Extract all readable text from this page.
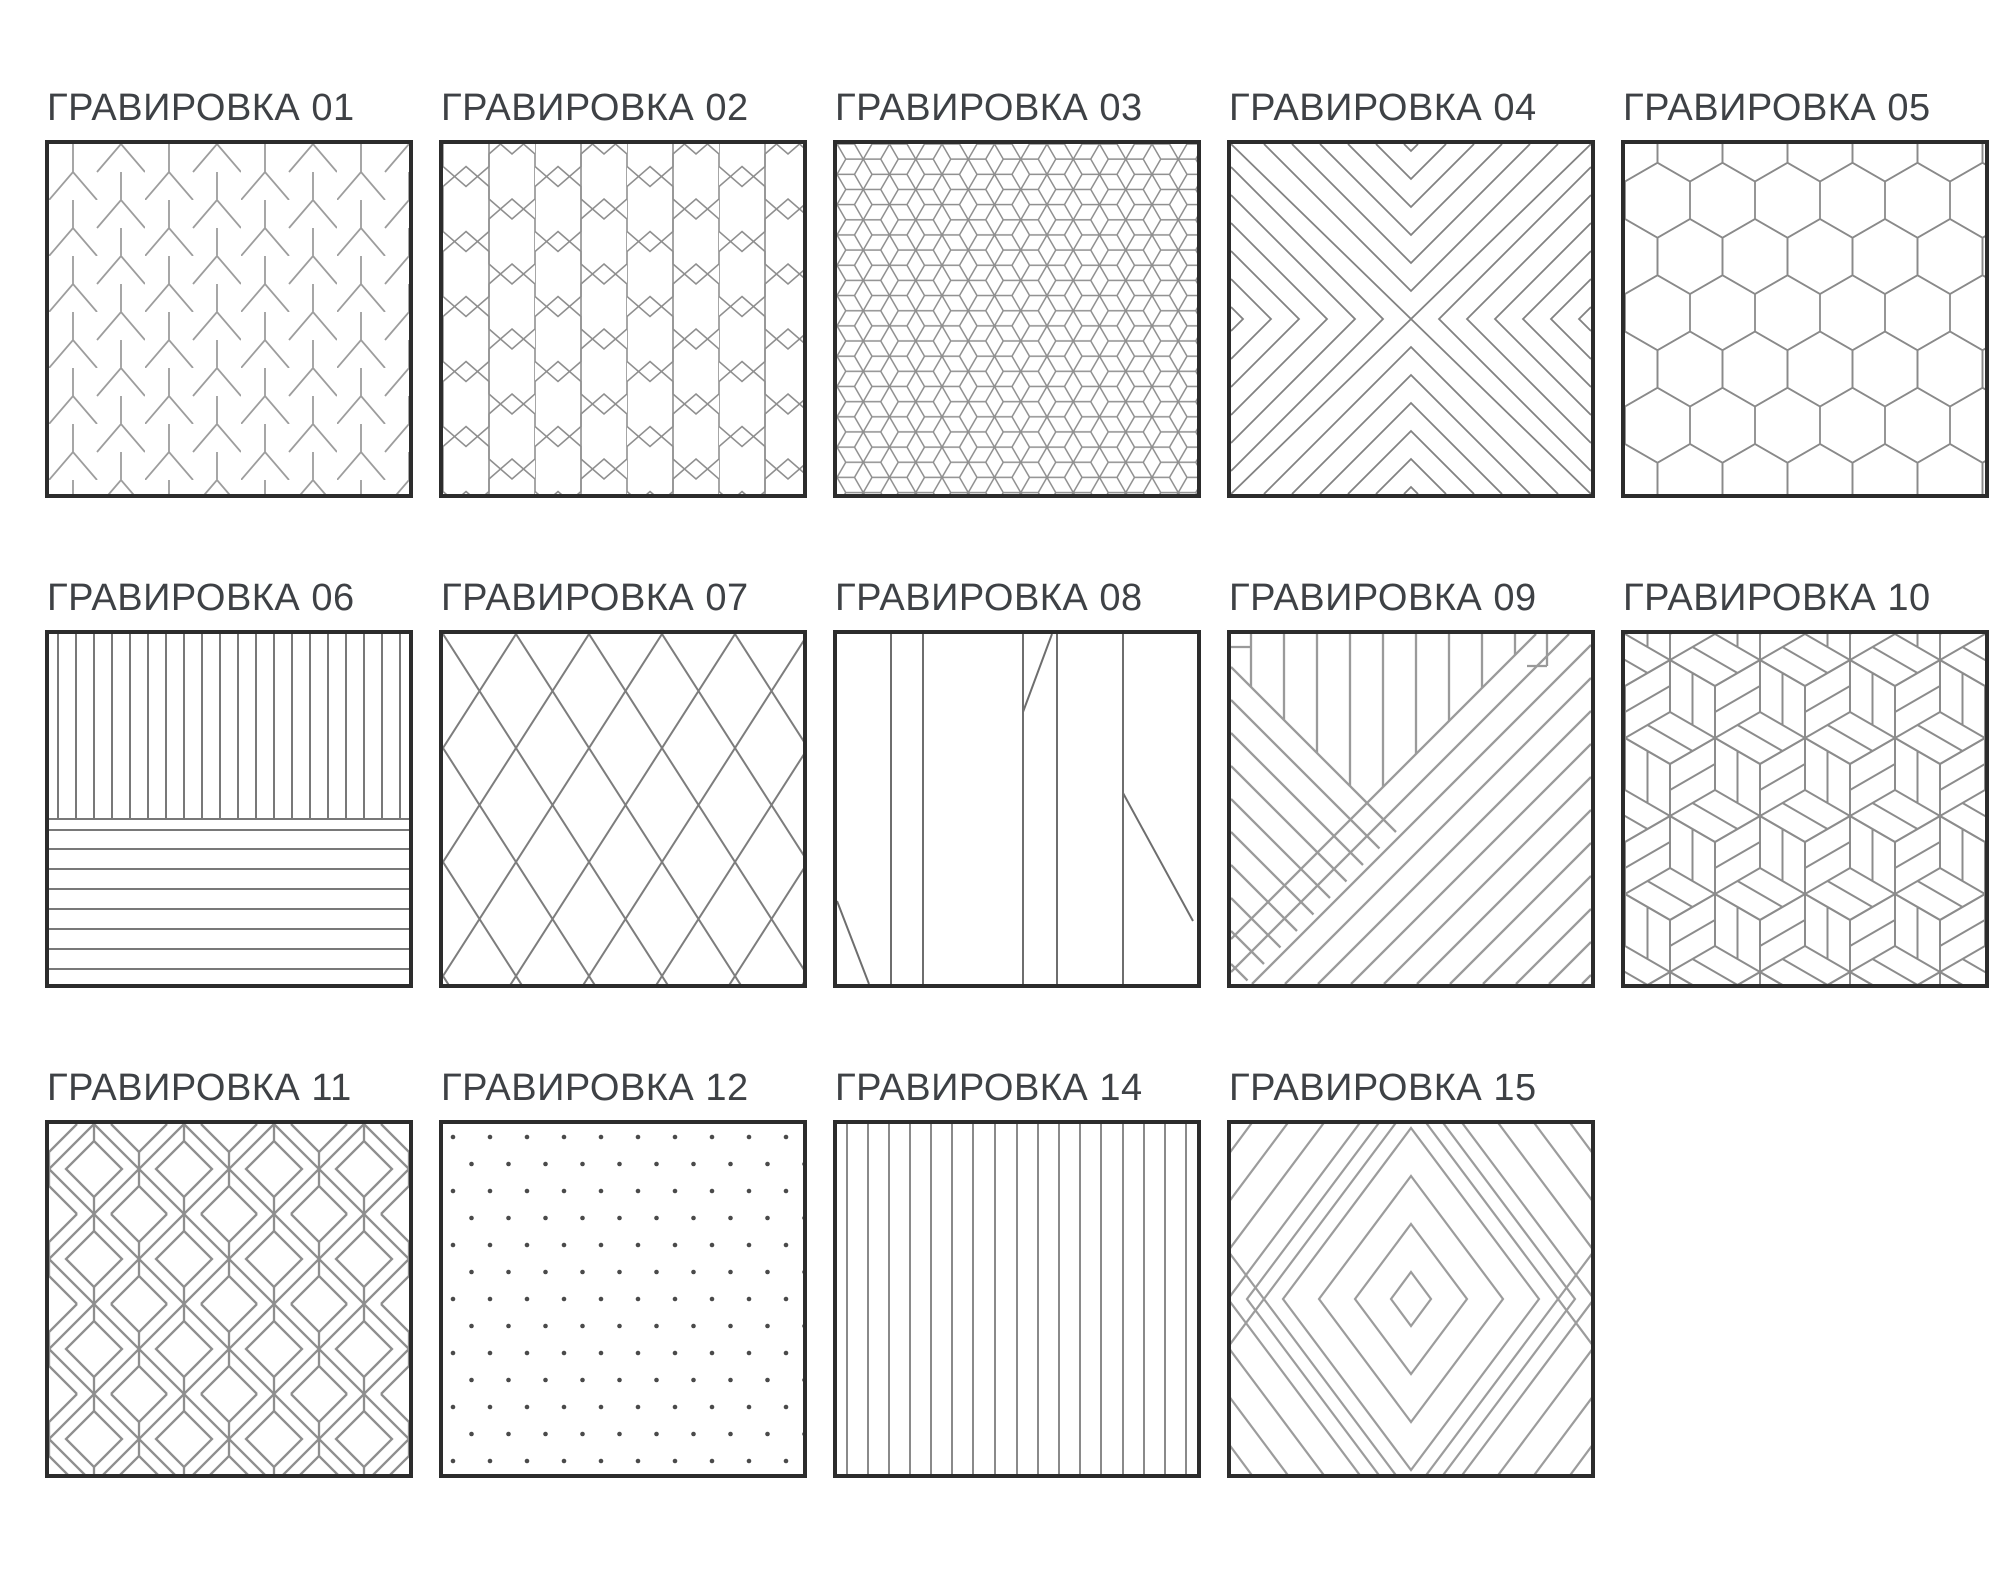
ГРАВИРОВКА 01	ГРАВИРОВКА 02	ГРАВИРОВКА 03	ГРАВИРОВКА 04	ГРАВИРОВКА 05
ГРАВИРОВКА 06	ГРАВИРОВКА 07	ГРАВИРОВКА 08	ГРАВИРОВКА 09	ГРАВИРОВКА 10
ГРАВИРОВКА 11	ГРАВИРОВКА 12	ГРАВИРОВКА 14	ГРАВИРОВКА 15
